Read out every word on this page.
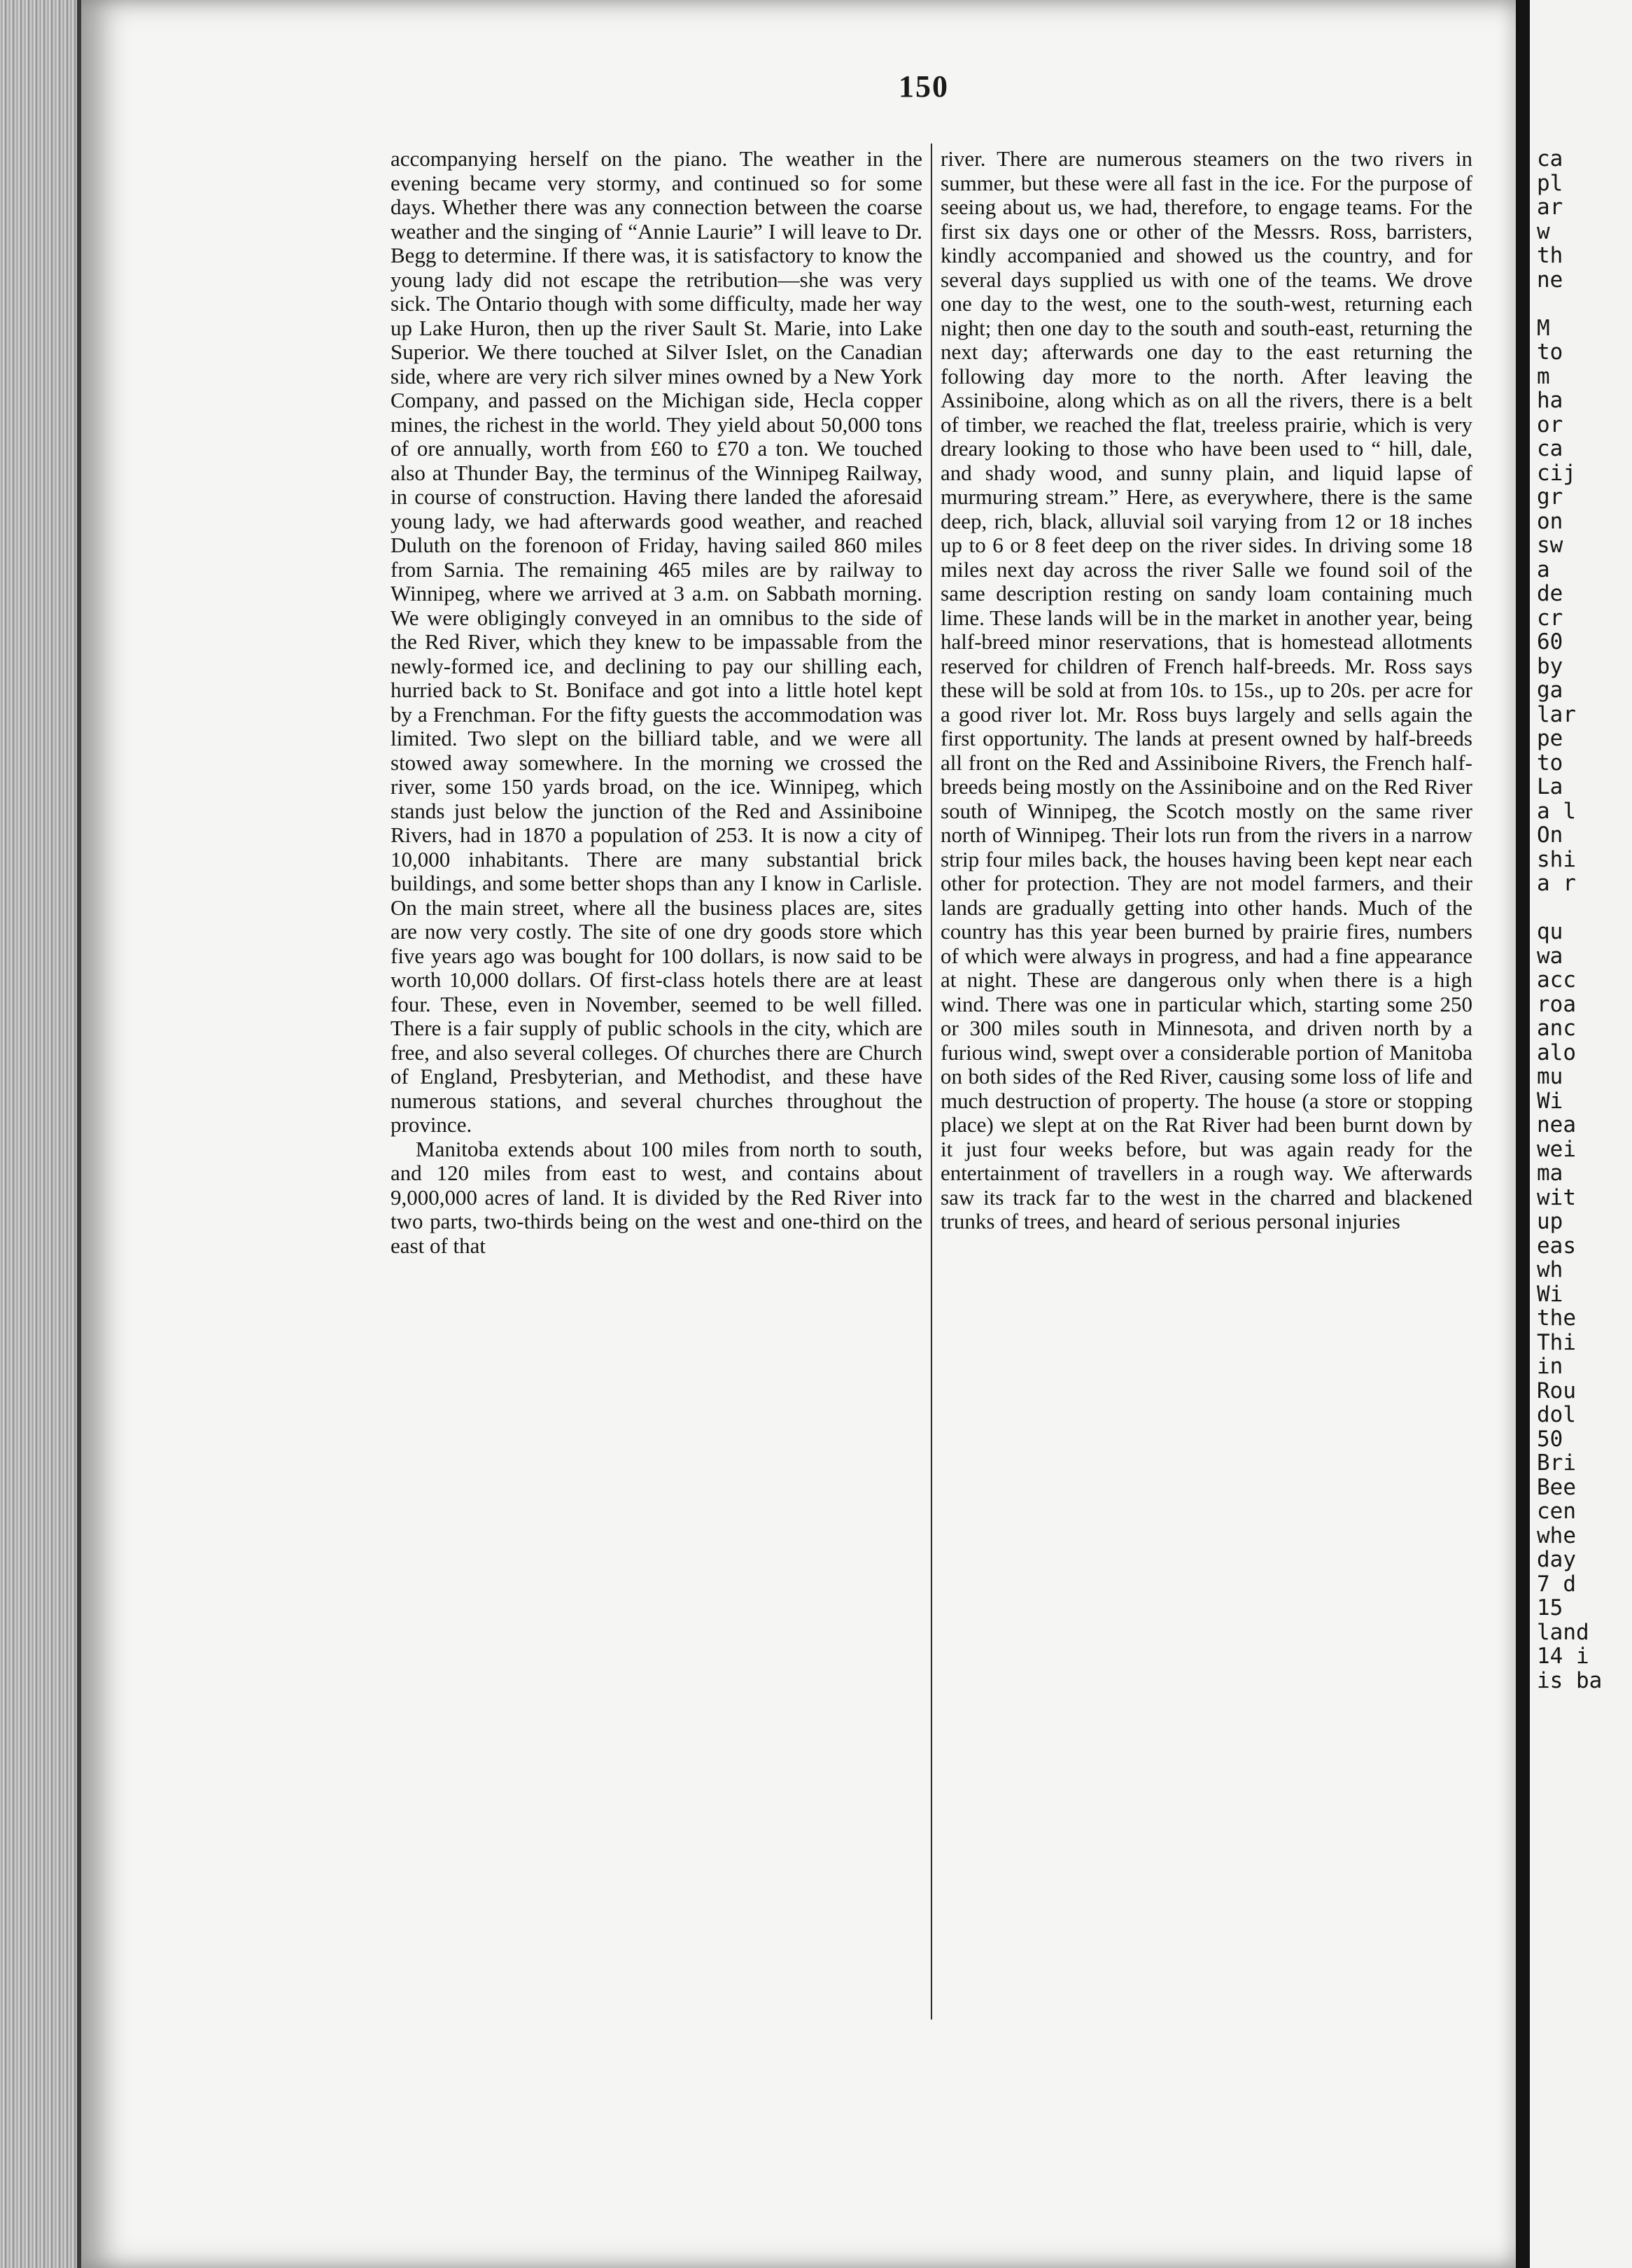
150

accompanying herself on the piano. The weather in the evening became very stormy, and continued so for some days. Whether there was any connection between the coarse weather and the singing of “Annie Laurie” I will leave to Dr. Begg to determine. If there was, it is satisfactory to know the young lady did not escape the retribution—she was very sick. The Ontario though with some difficulty, made her way up Lake Huron, then up the river Sault St. Marie, into Lake Superior. We there touched at Silver Islet, on the Canadian side, where are very rich silver mines owned by a New York Company, and passed on the Michigan side, Hecla copper mines, the richest in the world. They yield about 50,000 tons of ore annually, worth from £60 to £70 a ton. We touched also at Thunder Bay, the terminus of the Winnipeg Railway, in course of construction. Having there landed the aforesaid young lady, we had afterwards good weather, and reached Duluth on the forenoon of Friday, having sailed 860 miles from Sarnia. The remaining 465 miles are by railway to Winnipeg, where we arrived at 3 a.m. on Sabbath morning. We were obligingly conveyed in an omnibus to the side of the Red River, which they knew to be impassable from the newly-formed ice, and declining to pay our shilling each, hurried back to St. Boniface and got into a little hotel kept by a Frenchman. For the fifty guests the accommodation was limited. Two slept on the billiard table, and we were all stowed away somewhere. In the morning we crossed the river, some 150 yards broad, on the ice. Winnipeg, which stands just below the junction of the Red and Assiniboine Rivers, had in 1870 a population of 253. It is now a city of 10,000 inhabitants. There are many substantial brick buildings, and some better shops than any I know in Carlisle. On the main street, where all the business places are, sites are now very costly. The site of one dry goods store which five years ago was bought for 100 dollars, is now said to be worth 10,000 dollars. Of first-class hotels there are at least four. These, even in November, seemed to be well filled. There is a fair supply of public schools in the city, which are free, and also several colleges. Of churches there are Church of England, Presbyterian, and Methodist, and these have numerous stations, and several churches throughout the province.

Manitoba extends about 100 miles from north to south, and 120 miles from east to west, and contains about 9,000,000 acres of land. It is divided by the Red River into two parts, two-thirds being on the west and one-third on the east of that

river. There are numerous steamers on the two rivers in summer, but these were all fast in the ice. For the purpose of seeing about us, we had, therefore, to engage teams. For the first six days one or other of the Messrs. Ross, barristers, kindly accompanied and showed us the country, and for several days supplied us with one of the teams. We drove one day to the west, one to the south-west, returning each night; then one day to the south and south-east, returning the next day; afterwards one day to the east returning the following day more to the north. After leaving the Assiniboine, along which as on all the rivers, there is a belt of timber, we reached the flat, treeless prairie, which is very dreary looking to those who have been used to “ hill, dale, and shady wood, and sunny plain, and liquid lapse of murmuring stream.” Here, as everywhere, there is the same deep, rich, black, alluvial soil varying from 12 or 18 inches up to 6 or 8 feet deep on the river sides. In driving some 18 miles next day across the river Salle we found soil of the same description resting on sandy loam containing much lime. These lands will be in the market in another year, being half-breed minor reservations, that is homestead allotments reserved for children of French half-breeds. Mr. Ross says these will be sold at from 10s. to 15s., up to 20s. per acre for a good river lot. Mr. Ross buys largely and sells again the first opportunity. The lands at present owned by half-breeds all front on the Red and Assiniboine Rivers, the French half-breeds being mostly on the Assiniboine and on the Red River south of Winnipeg, the Scotch mostly on the same river north of Winnipeg. Their lots run from the rivers in a narrow strip four miles back, the houses having been kept near each other for protection. They are not model farmers, and their lands are gradually getting into other hands. Much of the country has this year been burned by prairie fires, numbers of which were always in progress, and had a fine appearance at night. These are dangerous only when there is a high wind. There was one in particular which, starting some 250 or 300 miles south in Minnesota, and driven north by a furious wind, swept over a considerable portion of Manitoba on both sides of the Red River, causing some loss of life and much destruction of property. The house (a store or stopping place) we slept at on the Rat River had been burnt down by it just four weeks before, but was again ready for the entertainment of travellers in a rough way. We afterwards saw its track far to the west in the charred and blackened trunks of trees, and heard of serious personal injuries

ca
pl
ar
w
th
ne

M
to
m
ha
or
ca
cij
gr
on
sw
a
de
cr
60
by
ga
lar
pe
to
La
a l
On
shi
a r

qu
wa
acc
roa
anc
alo
mu
Wi
nea
wei
ma
wit
up
eas
wh
Wi
the
Thi
in
Rou
dol
50
Bri
Bee
cen
whe
day
7 d
15
land
14 i
is ba
